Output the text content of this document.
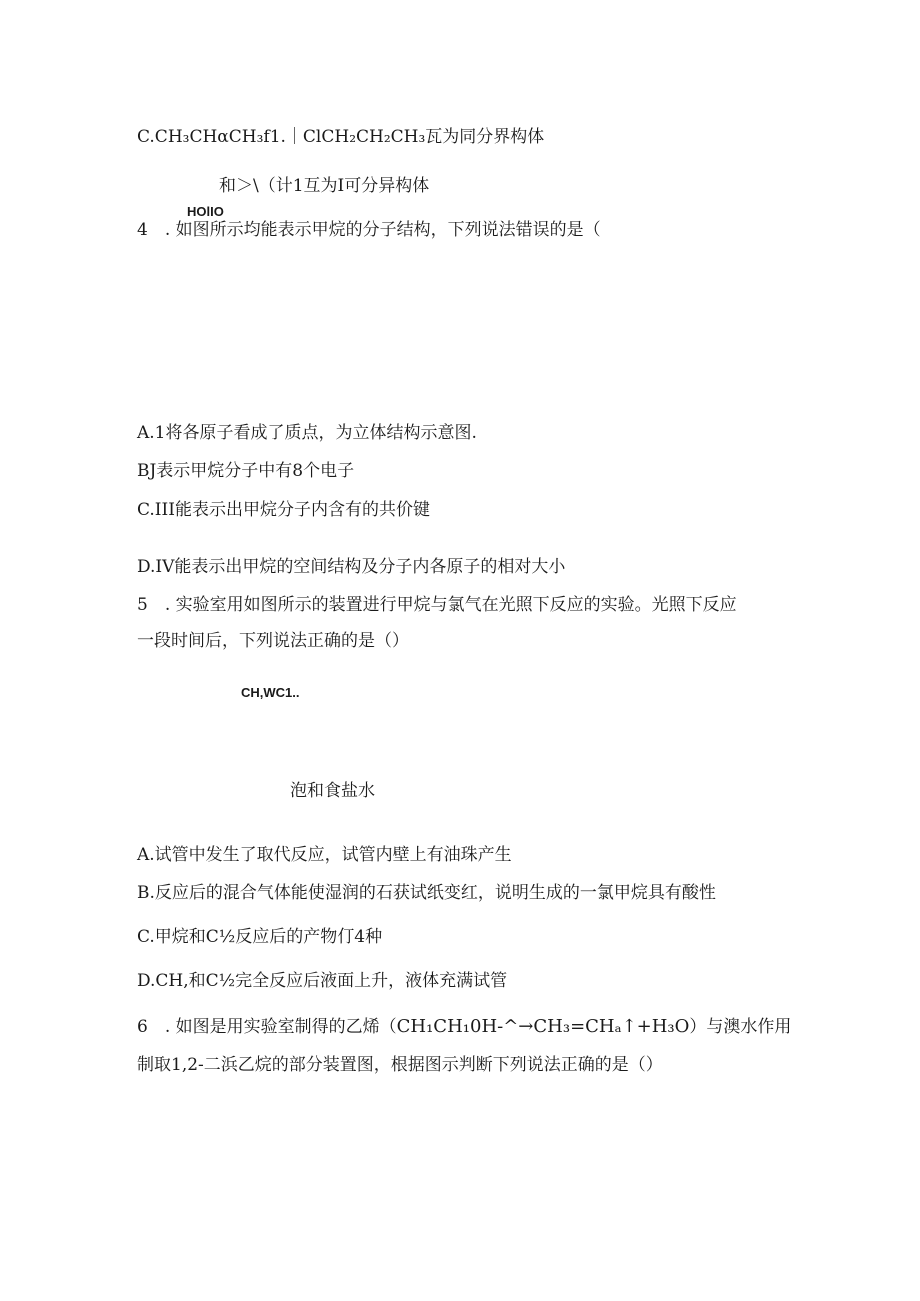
C.CH₃CHαCH₃f1.｜ClCH₂CH₂CH₃瓦为同分界构体
和＞\（计1互为I可分异构体
HOlIO
4　. 如图所示均能表示甲烷的分子结构，下列说法错误的是（
A.1将各原子看成了质点，为立体结构示意图.
BJ表示甲烷分子中有8个电子
C.III能表示出甲烷分子内含有的共价键
D.IV能表示出甲烷的空间结构及分子内各原子的相对大小
5　. 实验室用如图所示的装置进行甲烷与氯气在光照下反应的实验。光照下反应
一段时间后，下列说法正确的是（）
CH,WC1..
泡和食盐水
A.试管中发生了取代反应，试管内壁上有油珠产生
B.反应后的混合气体能使湿润的石获试纸变红，说明生成的一氯甲烷具有酸性
C.甲烷和C½反应后的产物仃4种
D.CH,和C½完全反应后液面上升，液体充满试管
6　. 如图是用实验室制得的乙烯（CH₁CH₁0H-^→CH₃=CHₐ↑+H₃O）与澳水作用
制取1,2-二浜乙烷的部分装置图，根据图示判断下列说法正确的是（）
